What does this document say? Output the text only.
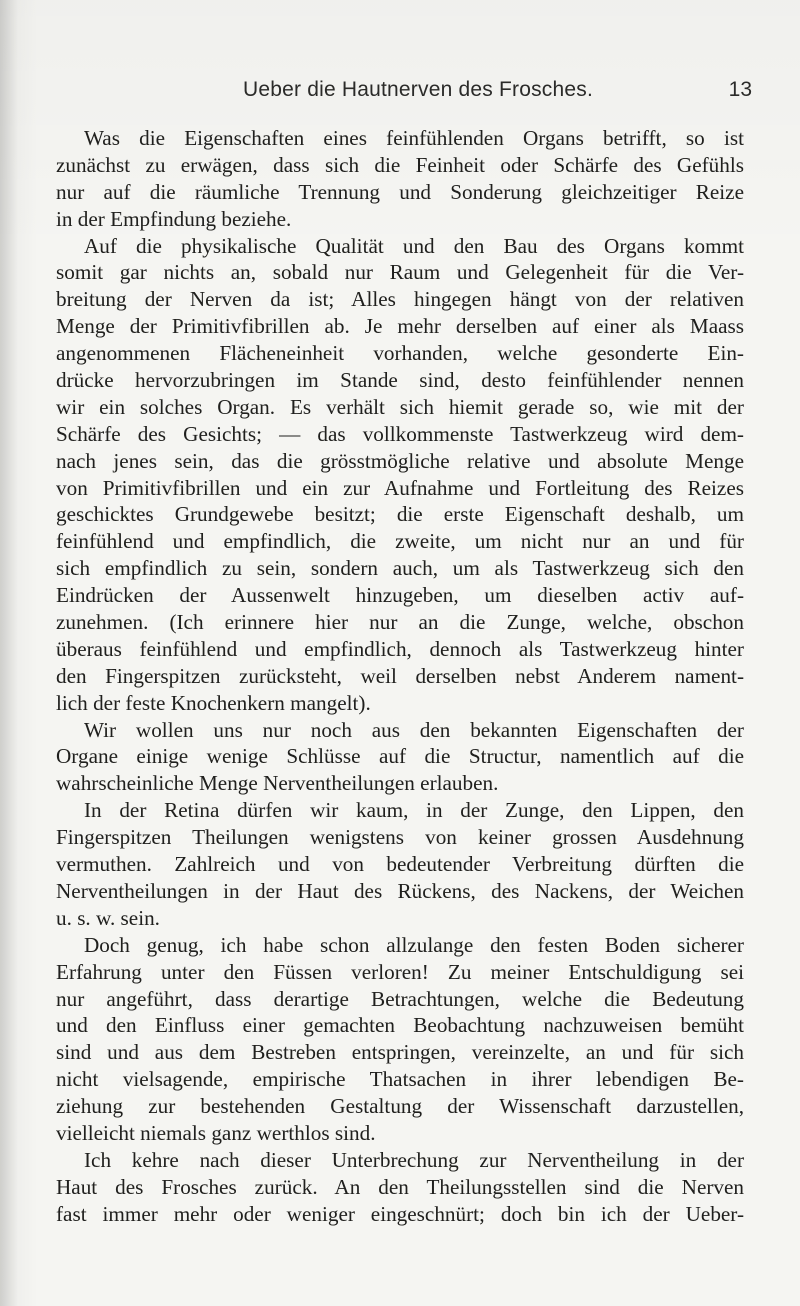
Ueber die Hautnerven des Frosches.	13
Was die Eigenschaften eines feinfühlenden Organs betrifft, so ist
zunächst zu erwägen, dass sich die Feinheit oder Schärfe des Gefühls
nur auf die räumliche Trennung und Sonderung gleichzeitiger Reize
in der Empfindung beziehe.
Auf die physikalische Qualität und den Bau des Organs kommt
somit gar nichts an, sobald nur Raum und Gelegenheit für die Ver-
breitung der Nerven da ist; Alles hingegen hängt von der relativen
Menge der Primitivfibrillen ab. Je mehr derselben auf einer als Maass
angenommenen Flächeneinheit vorhanden, welche gesonderte Ein-
drücke hervorzubringen im Stande sind, desto feinfühlender nennen
wir ein solches Organ. Es verhält sich hiemit gerade so, wie mit der
Schärfe des Gesichts; — das vollkommenste Tastwerkzeug wird dem-
nach jenes sein, das die grösstmögliche relative und absolute Menge
von Primitivfibrillen und ein zur Aufnahme und Fortleitung des Reizes
geschicktes Grundgewebe besitzt; die erste Eigenschaft deshalb, um
feinfühlend und empfindlich, die zweite, um nicht nur an und für
sich empfindlich zu sein, sondern auch, um als Tastwerkzeug sich den
Eindrücken der Aussenwelt hinzugeben, um dieselben activ auf-
zunehmen. (Ich erinnere hier nur an die Zunge, welche, obschon
überaus feinfühlend und empfindlich, dennoch als Tastwerkzeug hinter
den Fingerspitzen zurücksteht, weil derselben nebst Anderem nament-
lich der feste Knochenkern mangelt).
Wir wollen uns nur noch aus den bekannten Eigenschaften der
Organe einige wenige Schlüsse auf die Structur, namentlich auf die
wahrscheinliche Menge Nerventheilungen erlauben.
In der Retina dürfen wir kaum, in der Zunge, den Lippen, den
Fingerspitzen Theilungen wenigstens von keiner grossen Ausdehnung
vermuthen. Zahlreich und von bedeutender Verbreitung dürften die
Nerventheilungen in der Haut des Rückens, des Nackens, der Weichen
u. s. w. sein.
Doch genug, ich habe schon allzulange den festen Boden sicherer
Erfahrung unter den Füssen verloren! Zu meiner Entschuldigung sei
nur angeführt, dass derartige Betrachtungen, welche die Bedeutung
und den Einfluss einer gemachten Beobachtung nachzuweisen bemüht
sind und aus dem Bestreben entspringen, vereinzelte, an und für sich
nicht vielsagende, empirische Thatsachen in ihrer lebendigen Be-
ziehung zur bestehenden Gestaltung der Wissenschaft darzustellen,
vielleicht niemals ganz werthlos sind.
Ich kehre nach dieser Unterbrechung zur Nerventheilung in der
Haut des Frosches zurück. An den Theilungsstellen sind die Nerven
fast immer mehr oder weniger eingeschnürt; doch bin ich der Ueber-
